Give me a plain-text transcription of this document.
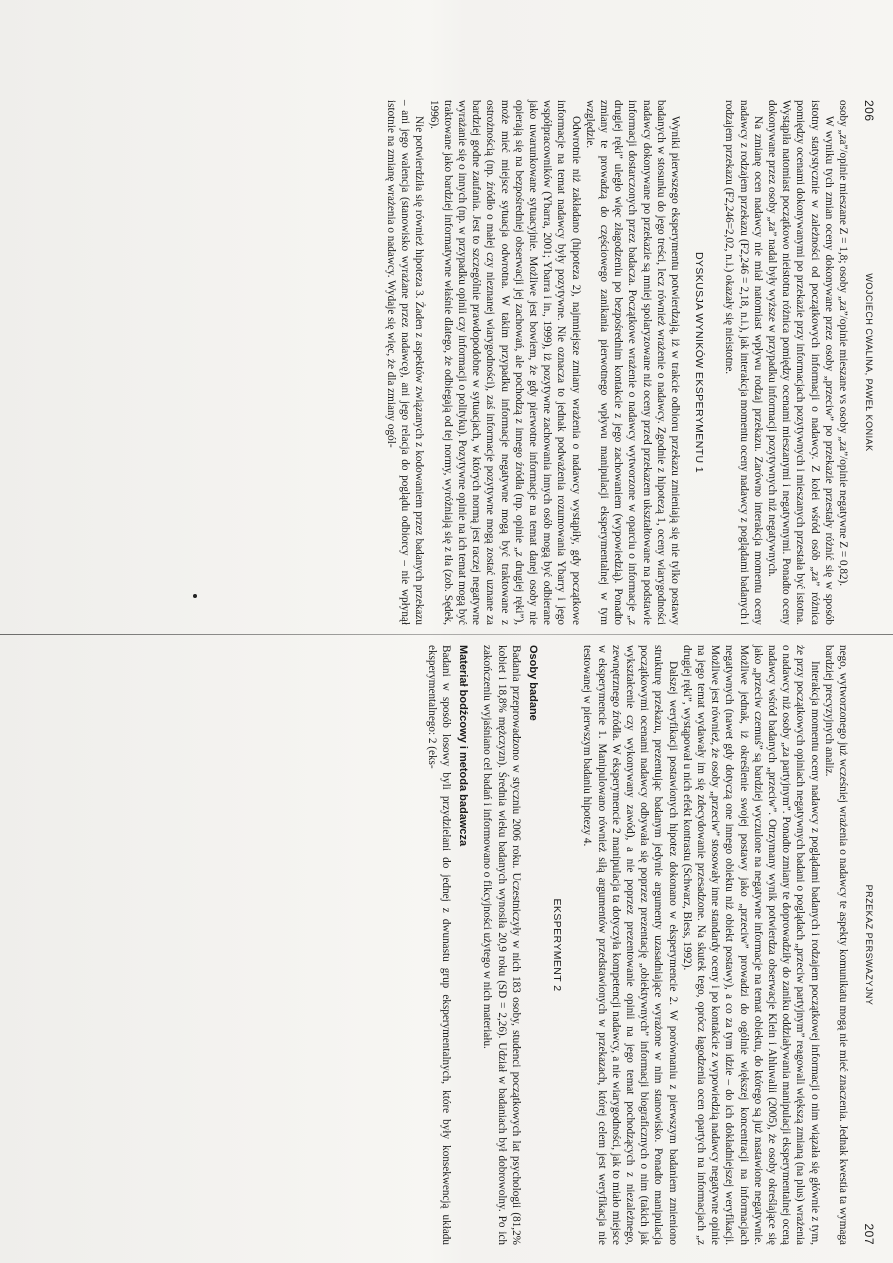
206
WOJCIECH CWALINA, PAWEŁ KONIAK

osoby „za”/opinie mieszane Z = 1,8; osoby „za”/opinie mieszane vs osoby „za”/opinie negatywne Z = 0,82).

W wyniku tych zmian oceny dokonywane przez osoby „przeciw” po przekazie przestały różnić się w sposób istotny statystycznie w zależności od początkowych informacji o nadawcy. Z kolei wśród osób „za” różnica pomiędzy ocenami dokonywanymi po przekazie przy informacjach pozytywnych i mieszanych przestała być istotna. Wystąpiła natomiast początkowo nieistotna różnica pomiędzy ocenami mieszanymi i negatywnymi. Ponadto oceny dokonywane przez osoby „za” nadal były wyższe w przypadku informacji pozytywnych niż negatywnych.

Na zmianę ocen nadawcy nie miał natomiast wpływu rodzaj przekazu. Zarówno interakcja momentu oceny nadawcy z rodzajem przekazu (F2,246 = 2,18, n.i.), jak interakcja momentu oceny nadawcy z poglądami badanych i rodzajem przekazu (F2,246=2,02, n.i.) okazały się nieistotne.

DYSKUSJA WYNIKÓW EKSPERYMENTU 1

Wyniki pierwszego eksperymentu potwierdzają, iż w trakcie odbioru przekazu zmieniają się nie tylko postawy badanych w stosunku do jego treści, lecz również wrażenie o nadawcy. Zgodnie z hipotezą 1, oceny wiarygodności nadawcy dokonywane po przekazie są mniej spolaryzowane niż oceny przed przekazem ukształtowane na podstawie informacji dostarczonych przez badacza. Początkowe wrażenie o nadawcy wytworzone w oparciu o informacje „z drugiej ręki” uległo więc złagodzeniu po bezpośrednim kontakcie z jego zachowaniem (wypowiedzią). Ponadto zmiany te prowadzą do częściowego zanikania pierwotnego wpływu manipulacji eksperymentalnej w tym względzie.

Odwrotnie niż zakładano (hipoteza 2), najmniejsze zmiany wrażenia o nadawcy wystąpiły, gdy początkowe informacje na temat nadawcy były pozytywne. Nie oznacza to jednak podważenia rozumowania Ybarry i jego współpracowników (Ybarra, 2001; Ybarra i in., 1999), iż pozytywne zachowania innych osób mogą być odbierane jako uwarunkowane sytuacyjnie. Możliwe jest bowiem, że gdy pierwotne informacje na temat danej osoby nie opierają się na bezpośredniej obserwacji jej zachowań, ale pochodzą z innego źródła (np. opinie „z drugiej ręki”), może mieć miejsce sytuacja odwrotna. W takim przypadku informacje negatywne mogą być traktowane z ostrożnością (np. źródło o małej czy nieznanej wiarygodności), zaś informacje pozytywne mogą zostać uznane za bardziej godne zaufania. Jest to szczególnie prawdopodobne w sytuacjach, w których normą jest raczej negatywne wyrażanie się o innych (np. w przypadku opinii czy informacji o polityku). Pozytywne opinie na ich temat mogą być traktowane jako bardziej informatywne właśnie dlatego, że odbiegają od tej normy, wyróżniają się z tła (zob. Sędek, 1996).

Nie potwierdziła się również hipoteza 3. Żaden z aspektów związanych z kodowaniem przez badanych przekazu – ani jego walencja (stanowisko wyrażane przez nadawcę), ani jego relacja do poglądu odbiorcy – nie wpłynął istotnie na zmianę wrażenia o nadawcy. Wydaje się więc, że dla zmiany ogól-

PRZEKAZ PERSWAZYJNY
207

nego, wytworzonego już wcześniej wrażenia o nadawcy te aspekty komunikatu mogą nie mieć znaczenia. Jednak kwestia ta wymaga bardziej precyzyjnych analiz.

Interakcja momentu oceny nadawcy z poglądami badanych i rodzajem początkowej informacji o nim wiązała się głównie z tym, że przy początkowych opiniach negatywnych badani o poglądach „przeciw partyjnym” reagowali większą zmianą (na plus) wrażenia o nadawcy niż osoby „za partyjnym”. Ponadto zmiany te doprowadziły do zaniku oddziaływania manipulacji eksperymentalnej oceną nadawcy wśród badanych „przeciw”. Otrzymany wynik potwierdza obserwacje Klein i Ahluwalii (2005), że osoby określające się jako „przeciw czemuś” są bardziej wyczulone na negatywne informacje na temat obiektu, do którego są już nastawione negatywnie. Możliwe jednak, iż określenie swojej postawy jako „przeciw” prowadzi do ogólnie większej koncentracji na informacjach negatywnych (nawet gdy dotyczą one innego obiektu niż obiekt postawy), a co za tym idzie – do ich dokładniejszej weryfikacji. Możliwe jest również, że osoby „przeciw” stosowały inne standardy oceny i po kontakcie z wypowiedzią nadawcy negatywne opinie na jego temat wydawały im się zdecydowanie przesadzone. Na skutek tego, oprócz łagodzenia ocen opartych na informacjach „z drugiej ręki”, wystąpował u nich efekt kontrastu (Schwarz, Bless, 1992).

Dalszej weryfikacji postawionych hipotez dokonano w eksperymencie 2. W porównaniu z pierwszym badaniem zmieniono strukturę przekazu, prezentując badanym jedynie argumenty uzasadniające wyrażone w nim stanowisko. Ponadto manipulacja początkowymi ocenami nadawcy odbywała się poprzez prezentację „obiektywnych” informacji biograficznych o nim (takich jak wykształcenie czy wykonywany zawód), a nie poprzez prezentowanie opinii na jego temat pochodzących z niezależnego, zewnętrznego źródła. W eksperymencie 2 manipulacja ta dotyczyła kompetencji nadawcy, a nie wiarygodności, jak to miało miejsce w eksperymencie 1. Manipulowano również siłą argumentów przedstawionych w przekazach, której celem jest weryfikacja nie testowanej w pierwszym badaniu hipotezy 4.

EKSPERYMENT 2
Osoby badane

Badania przeprowadzono w styczniu 2006 roku. Uczestniczyły w nich 183 osoby, studenci początkowych lat psychologii (81,2% kobiet i 18,8% mężczyzn). Średnia wieku badanych wynosiła 20,9 roku (SD = 2,26). Udział w badaniach był dobrowolny. Po ich zakończeniu wyjaśniano cel badań i informowano o fikcyjności użytego w nich materiału.

Materiał bodźcowy i metoda badawcza

Badani w sposób losowy byli przydzielani do jednej z dwunastu grup eksperymentalnych, które były konsekwencją układu eksperymentalnego: 2 (eks-
